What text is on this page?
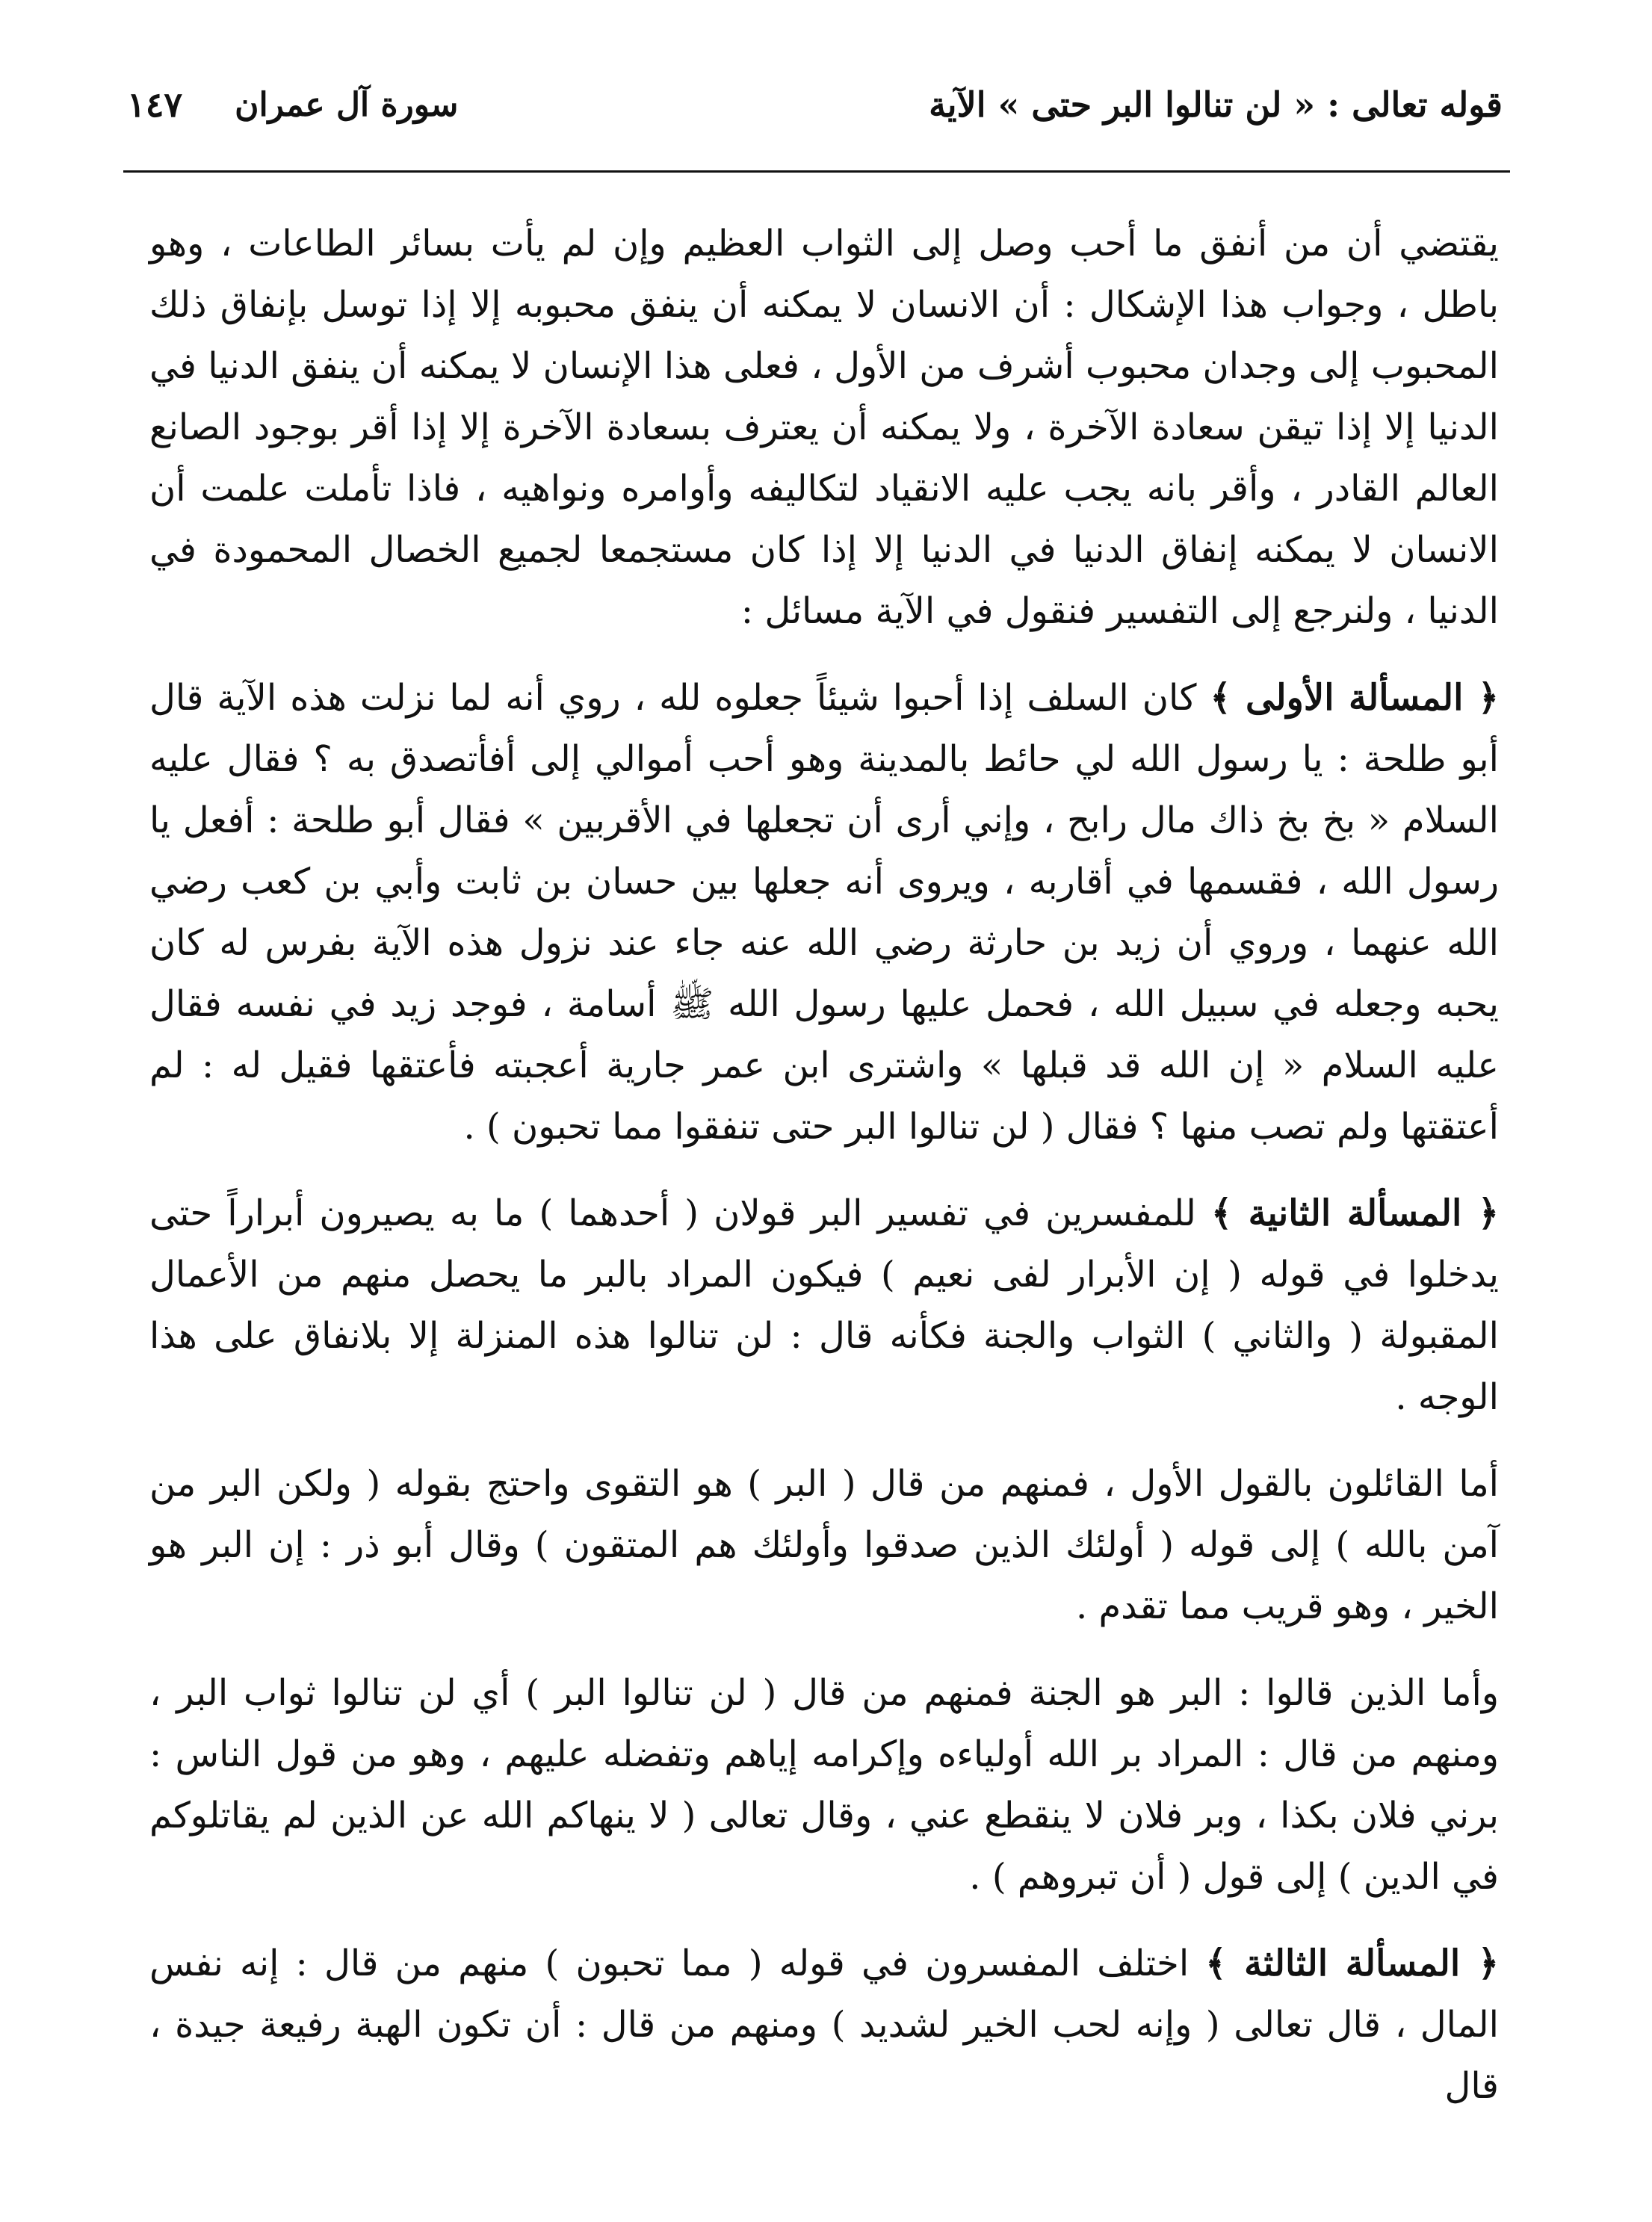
قوله تعالى : « لن تنالوا البر حتى » الآية
سورة آل عمران
١٤٧

يقتضي أن من أنفق ما أحب وصل إلى الثواب العظيم وإن لم يأت بسائر الطاعات ، وهو باطل ، وجواب هذا الإشكال : أن الانسان لا يمكنه أن ينفق محبوبه إلا إذا توسل بإنفاق ذلك المحبوب إلى وجدان محبوب أشرف من الأول ، فعلى هذا الإنسان لا يمكنه أن ينفق الدنيا في الدنيا إلا إذا تيقن سعادة الآخرة ، ولا يمكنه أن يعترف بسعادة الآخرة إلا إذا أقر بوجود الصانع العالم القادر ، وأقر بانه يجب عليه الانقياد لتكاليفه وأوامره ونواهيه ، فاذا تأملت علمت أن الانسان لا يمكنه إنفاق الدنيا في الدنيا إلا إذا كان مستجمعا لجميع الخصال المحمودة في الدنيا ، ولنرجع إلى التفسير فنقول في الآية مسائل :

﴿ المسألة الأولى ﴾ كان السلف إذا أحبوا شيئاً جعلوه لله ، روي أنه لما نزلت هذه الآية قال أبو طلحة : يا رسول الله لي حائط بالمدينة وهو أحب أموالي إلى أفأتصدق به ؟ فقال عليه السلام « بخ بخ ذاك مال رابح ، وإني أرى أن تجعلها في الأقربين » فقال أبو طلحة : أفعل يا رسول الله ، فقسمها في أقاربه ، ويروى أنه جعلها بين حسان بن ثابت وأبي بن كعب رضي الله عنهما ، وروي أن زيد بن حارثة رضي الله عنه جاء عند نزول هذه الآية بفرس له كان يحبه وجعله في سبيل الله ، فحمل عليها رسول الله ﷺ أسامة ، فوجد زيد في نفسه فقال عليه السلام « إن الله قد قبلها » واشترى ابن عمر جارية أعجبته فأعتقها فقيل له : لم أعتقتها ولم تصب منها ؟ فقال ( لن تنالوا البر حتى تنفقوا مما تحبون ) .

﴿ المسألة الثانية ﴾ للمفسرين في تفسير البر قولان ( أحدهما ) ما به يصيرون أبراراً حتى يدخلوا في قوله ( إن الأبرار لفى نعيم ) فيكون المراد بالبر ما يحصل منهم من الأعمال المقبولة ( والثاني ) الثواب والجنة فكأنه قال : لن تنالوا هذه المنزلة إلا بلانفاق على هذا الوجه .

أما القائلون بالقول الأول ، فمنهم من قال ( البر ) هو التقوى واحتج بقوله ( ولكن البر من آمن بالله ) إلى قوله ( أولئك الذين صدقوا وأولئك هم المتقون ) وقال أبو ذر : إن البر هو الخير ، وهو قريب مما تقدم .

وأما الذين قالوا : البر هو الجنة فمنهم من قال ( لن تنالوا البر ) أي لن تنالوا ثواب البر ، ومنهم من قال : المراد بر الله أولياءه وإكرامه إياهم وتفضله عليهم ، وهو من قول الناس : برني فلان بكذا ، وبر فلان لا ينقطع عني ، وقال تعالى ( لا ينهاكم الله عن الذين لم يقاتلوكم في الدين ) إلى قول ( أن تبروهم ) .

﴿ المسألة الثالثة ﴾ اختلف المفسرون في قوله ( مما تحبون ) منهم من قال : إنه نفس المال ، قال تعالى ( وإنه لحب الخير لشديد ) ومنهم من قال : أن تكون الهبة رفيعة جيدة ، قال
